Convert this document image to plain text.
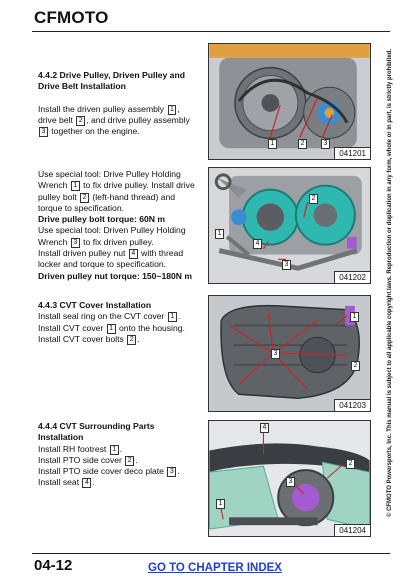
CFMOTO
4.4.2 Drive Pulley, Driven Pulley and Drive Belt Installation

Install the driven pulley assembly 1 , drive belt 2 , and drive pulley assembly 3 together on the engine.

Use special tool: Drive Pulley Holding Wrench 1 to fix drive pulley. Install drive pulley bolt 2 (left-hand thread) and torque to specification.

Drive pulley bolt torque: 60N m

Use special tool: Driven Pulley Holding Wrench 3 to fix driven pulley.

Install driven pulley nut 4 with thread locker and torque to specification.

Driven pulley nut torque: 150~180N m

4.4.3 CVT Cover Installation

Install seal ring on the CVT cover 1 .

Install CVT cover 1 onto the housing.

Install CVT cover bolts 2 .

4.4.4 CVT Surrounding Parts Installation

Install RH footrest 1 .

Install PTO side cover 2 .

Install PTO side cover deco plate 3 .

Install seat 4 .

1	2	3
041201
1
2
3
4
041202
1
2
3
041203
1
2
3
4
041204
© CFMOTO Powersports, Inc. This manual is subject to all applicable copyright laws. Reproduction or duplication in any form, whole or in part, is strictly prohibited.
04-12	GO TO CHAPTER INDEX
